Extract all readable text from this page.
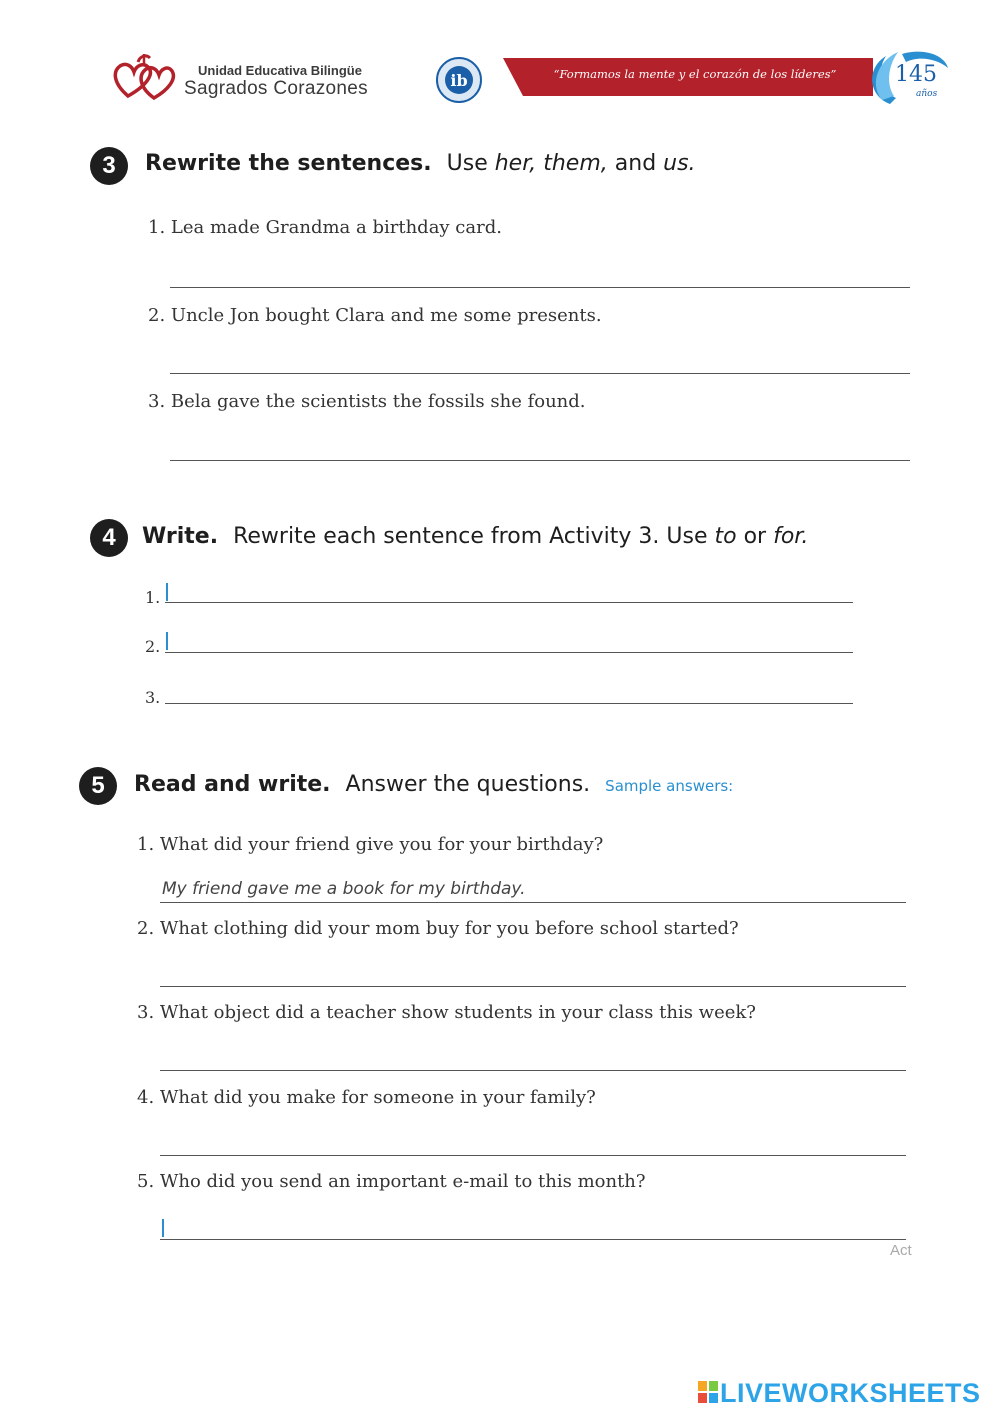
Unidad Educativa Bilingüe
Sagrados Corazones	ib	“Formamos la mente y el corazón de los líderes”	145
años
3	Rewrite the sentences. Use her, them, and us.
1. Lea made Grandma a birthday card.
2. Uncle Jon bought Clara and me some presents.
3. Bela gave the scientists the fossils she found.
4	Write. Rewrite each sentence from Activity 3. Use to or for.
1.
2.
3.
5	Read and write. Answer the questions. Sample answers:
1. What did your friend give you for your birthday?
My friend gave me a book for my birthday.
2. What clothing did your mom buy for you before school started?
3. What object did a teacher show students in your class this week?
4. What did you make for someone in your family?
5. Who did you send an important e-mail to this month?
Act
LIVEWORKSHEETS
